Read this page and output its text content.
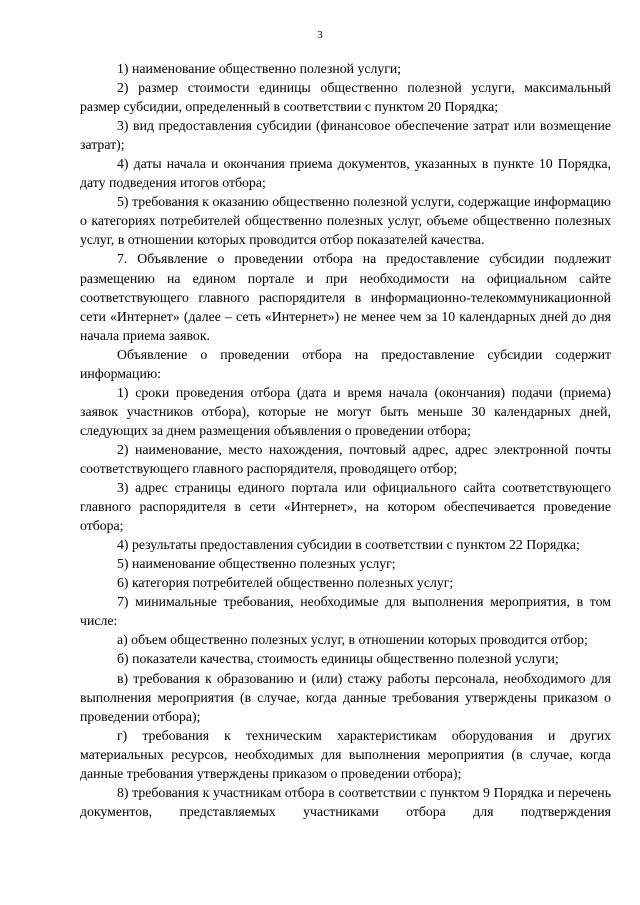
3

1) наименование общественно полезной услуги;

2) размер стоимости единицы общественно полезной услуги, максимальный размер субсидии, определенный в соответствии с пунктом 20 Порядка;

3) вид предоставления субсидии (финансовое обеспечение затрат или возмещение затрат);

4) даты начала и окончания приема документов, указанных в пункте 10 Порядка, дату подведения итогов отбора;

5) требования к оказанию общественно полезной услуги, содержащие информацию о категориях потребителей общественно полезных услуг, объеме общественно полезных услуг, в отношении которых проводится отбор показателей качества.

7. Объявление о проведении отбора на предоставление субсидии подлежит размещению на едином портале и при необходимости на официальном сайте соответствующего главного распорядителя в информационно-телекоммуникационной сети «Интернет» (далее – сеть «Интернет») не менее чем за 10 календарных дней до дня начала приема заявок.

Объявление о проведении отбора на предоставление субсидии содержит информацию:

1) сроки проведения отбора (дата и время начала (окончания) подачи (приема) заявок участников отбора), которые не могут быть меньше 30 календарных дней, следующих за днем размещения объявления о проведении отбора;

2) наименование, место нахождения, почтовый адрес, адрес электронной почты соответствующего главного распорядителя, проводящего отбор;

3) адрес страницы единого портала или официального сайта соответствующего главного распорядителя в сети «Интернет», на котором обеспечивается проведение отбора;

4) результаты предоставления субсидии в соответствии с пунктом 22 Порядка;

5) наименование общественно полезных услуг;

6) категория потребителей общественно полезных услуг;

7) минимальные требования, необходимые для выполнения мероприятия, в том числе:

а) объем общественно полезных услуг, в отношении которых проводится отбор;

б) показатели качества, стоимость единицы общественно полезной услуги;

в) требования к образованию и (или) стажу работы персонала, необходимого для выполнения мероприятия (в случае, когда данные требования утверждены приказом о проведении отбора);

г) требования к техническим характеристикам оборудования и других материальных ресурсов, необходимых для выполнения мероприятия (в случае, когда данные требования утверждены приказом о проведении отбора);

8) требования к участникам отбора в соответствии с пунктом 9 Порядка и перечень документов, представляемых участниками отбора для подтверждения
